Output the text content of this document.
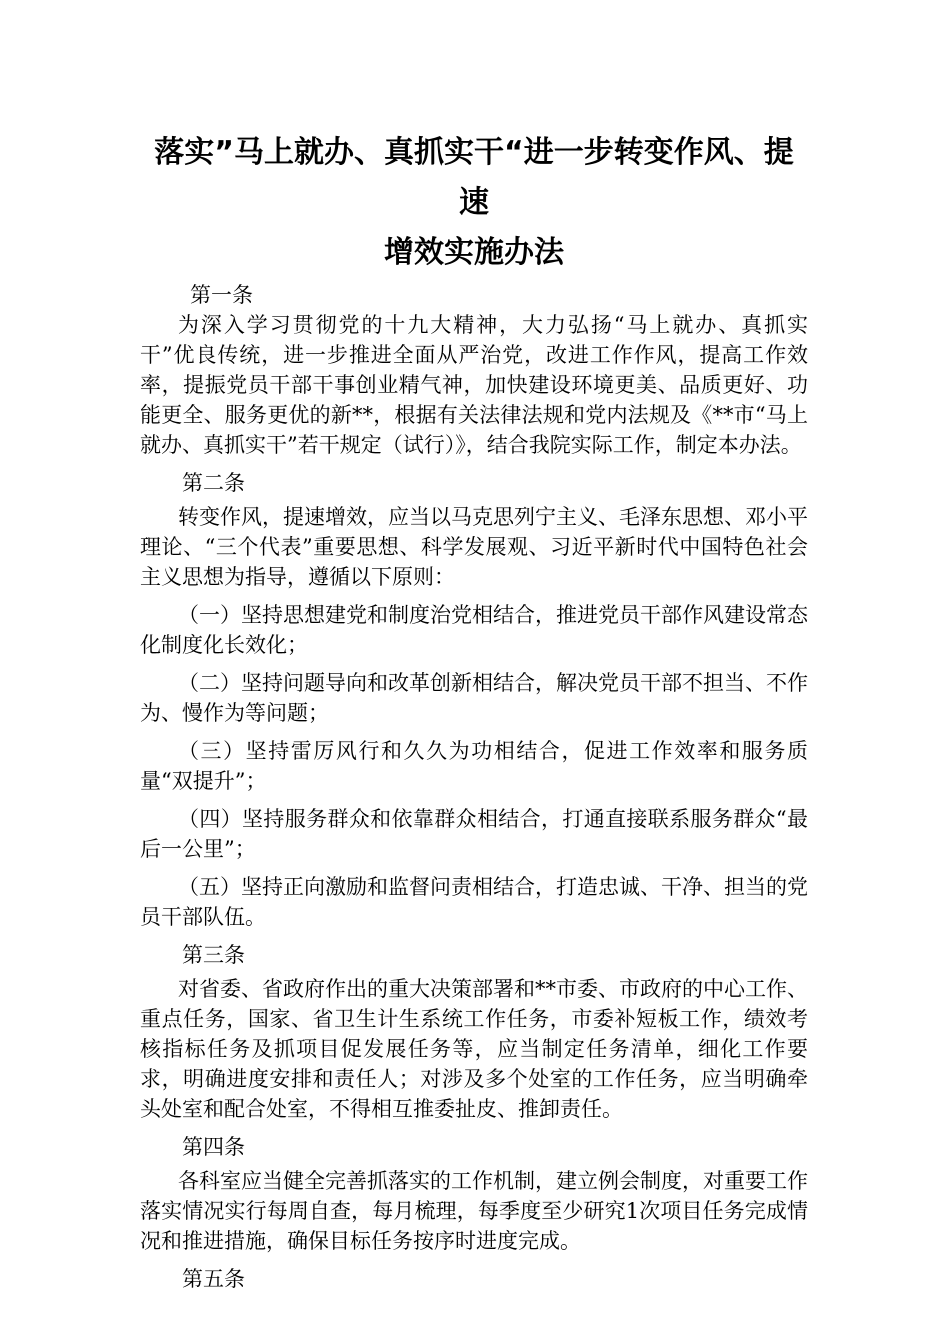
落实”马上就办、真抓实干“进一步转变作风、提速
增效实施办法

第一条

为深入学习贯彻党的十九大精神，大力弘扬“马上就办、真抓实干”优良传统，进一步推进全面从严治党，改进工作作风，提高工作效率，提振党员干部干事创业精气神，加快建设环境更美、品质更好、功能更全、服务更优的新**，根据有关法律法规和党内法规及《**市“马上就办、真抓实干”若干规定（试行）》，结合我院实际工作，制定本办法。

第二条

转变作风，提速增效，应当以马克思列宁主义、毛泽东思想、邓小平理论、“三个代表”重要思想、科学发展观、习近平新时代中国特色社会主义思想为指导，遵循以下原则：

（一）坚持思想建党和制度治党相结合，推进党员干部作风建设常态化制度化长效化；

（二）坚持问题导向和改革创新相结合，解决党员干部不担当、不作为、慢作为等问题；

（三）坚持雷厉风行和久久为功相结合，促进工作效率和服务质量“双提升”；

（四）坚持服务群众和依靠群众相结合，打通直接联系服务群众“最后一公里”；

（五）坚持正向激励和监督问责相结合，打造忠诚、干净、担当的党员干部队伍。

第三条

对省委、省政府作出的重大决策部署和**市委、市政府的中心工作、重点任务，国家、省卫生计生系统工作任务，市委补短板工作，绩效考核指标任务及抓项目促发展任务等，应当制定任务清单，细化工作要求，明确进度安排和责任人；对涉及多个处室的工作任务，应当明确牵头处室和配合处室，不得相互推委扯皮、推卸责任。

第四条

各科室应当健全完善抓落实的工作机制，建立例会制度，对重要工作落实情况实行每周自查，每月梳理，每季度至少研究1次项目任务完成情况和推进措施，确保目标任务按序时进度完成。

第五条
